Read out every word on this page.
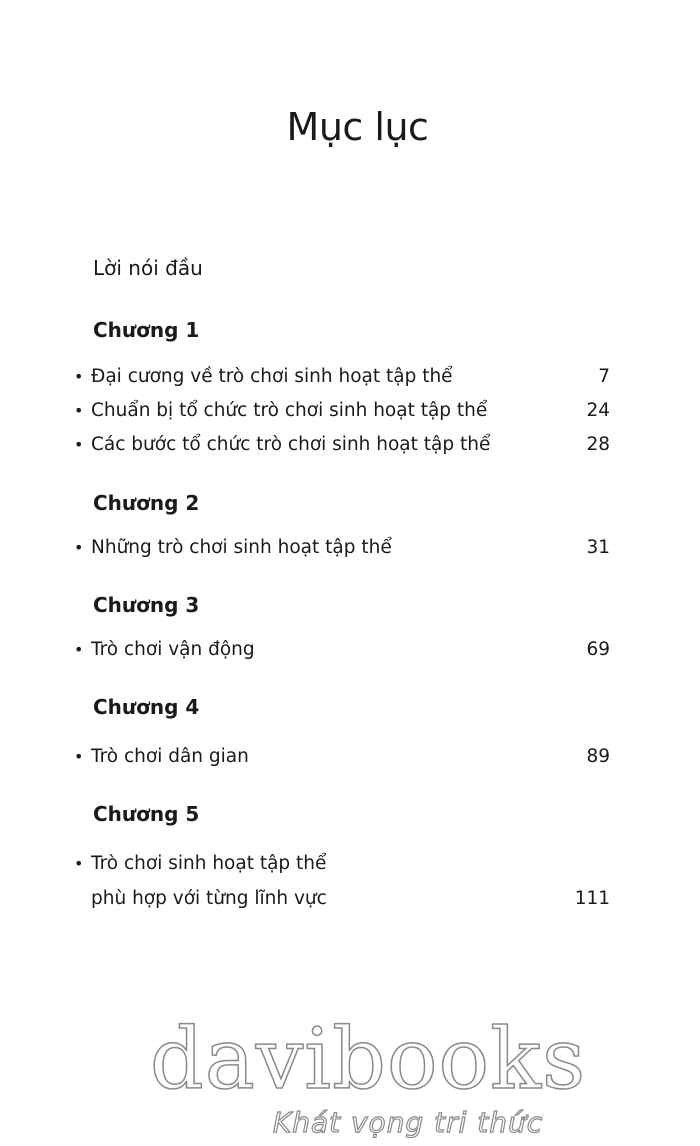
Mục lục
Lời nói đầu
Chương 1
• Đại cương về trò chơi sinh hoạt tập thể	7
• Chuẩn bị tổ chức trò chơi sinh hoạt tập thể	24
• Các bước tổ chức trò chơi sinh hoạt tập thể	28
Chương 2
• Những trò chơi sinh hoạt tập thể	31
Chương 3
• Trò chơi vận động	69
Chương 4
• Trò chơi dân gian	89
Chương 5
• Trò chơi sinh hoạt tập thể
phù hợp với từng lĩnh vực	111
davibooks
Khát vọng tri thức
